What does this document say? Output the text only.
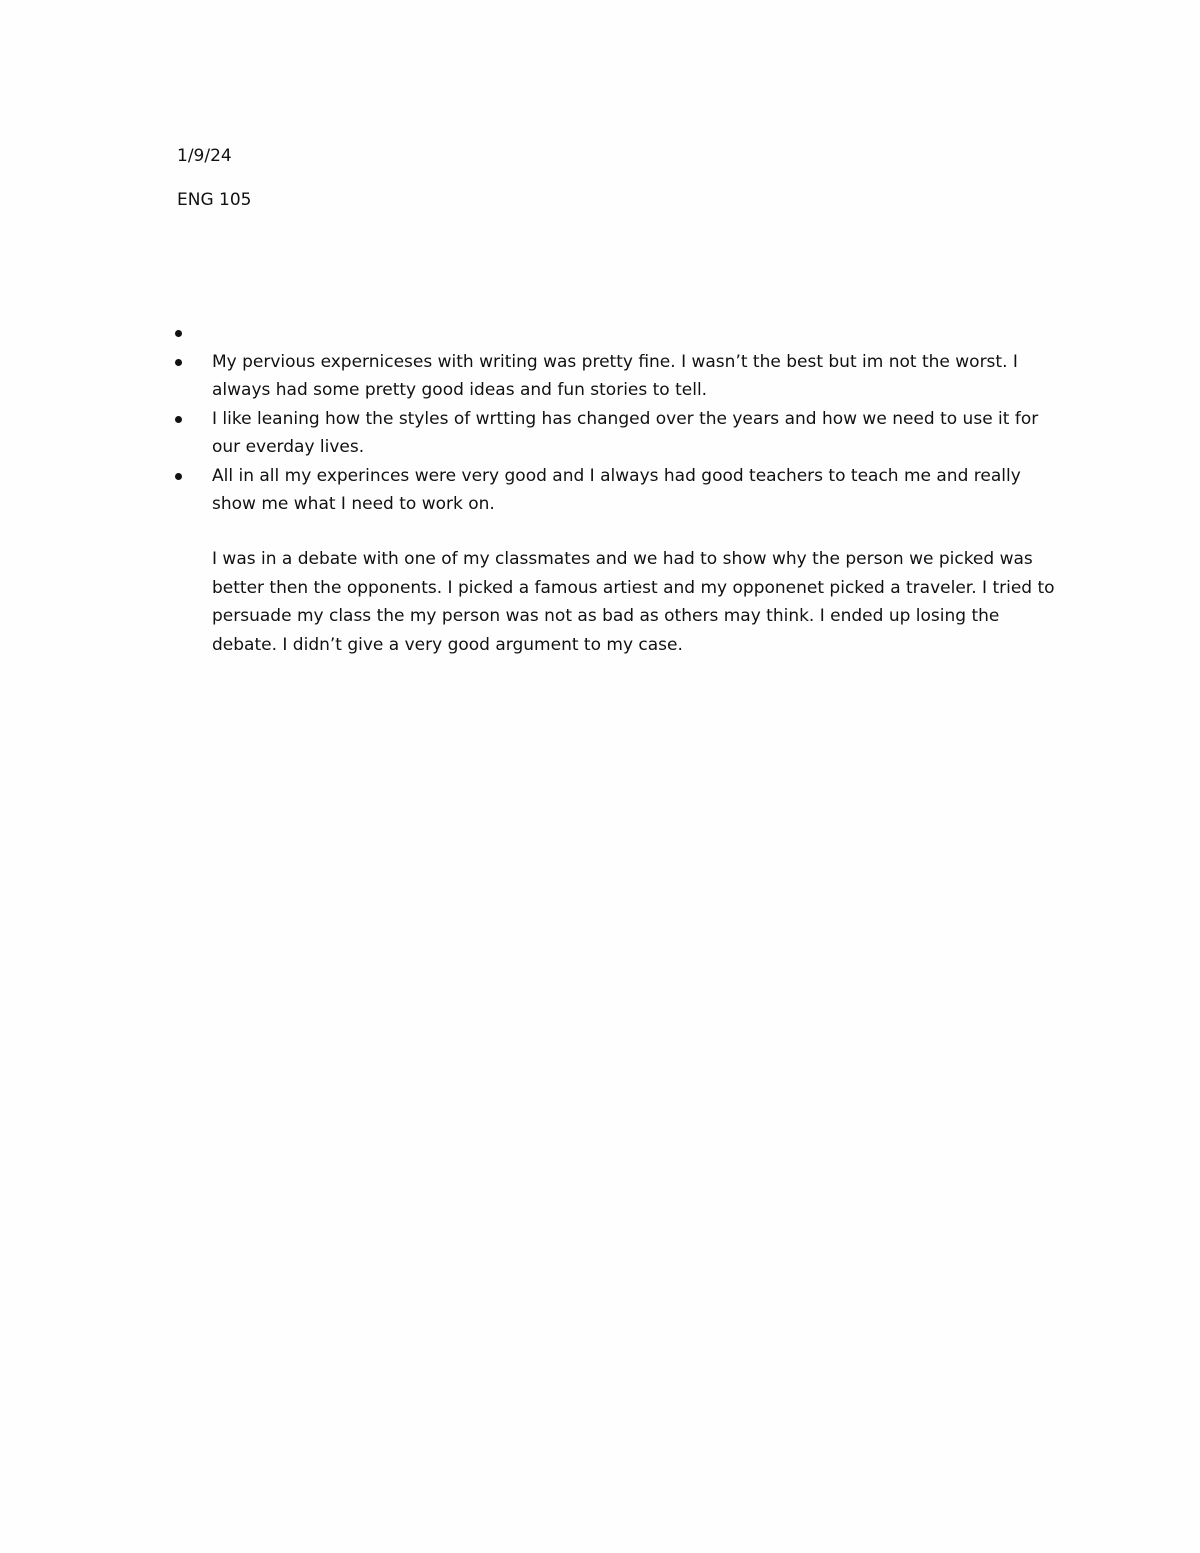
1/9/24

ENG 105

My pervious experniceses with writing was pretty fine. I wasn’t the best but im not the worst. I always had some pretty good ideas and fun stories to tell.
I like leaning how the styles of wrtting has changed over the years and how we need to use it for our everday lives.
All in all my experinces were very good and I always had good teachers to teach me and really show me what I need to work on.

I was in a debate with one of my classmates and we had to show why the person we picked was better then the opponents. I picked a famous artiest and my opponenet picked a traveler. I tried to persuade my class the my person was not as bad as others may think. I ended up losing the debate. I didn’t give a very good argument to my case.
